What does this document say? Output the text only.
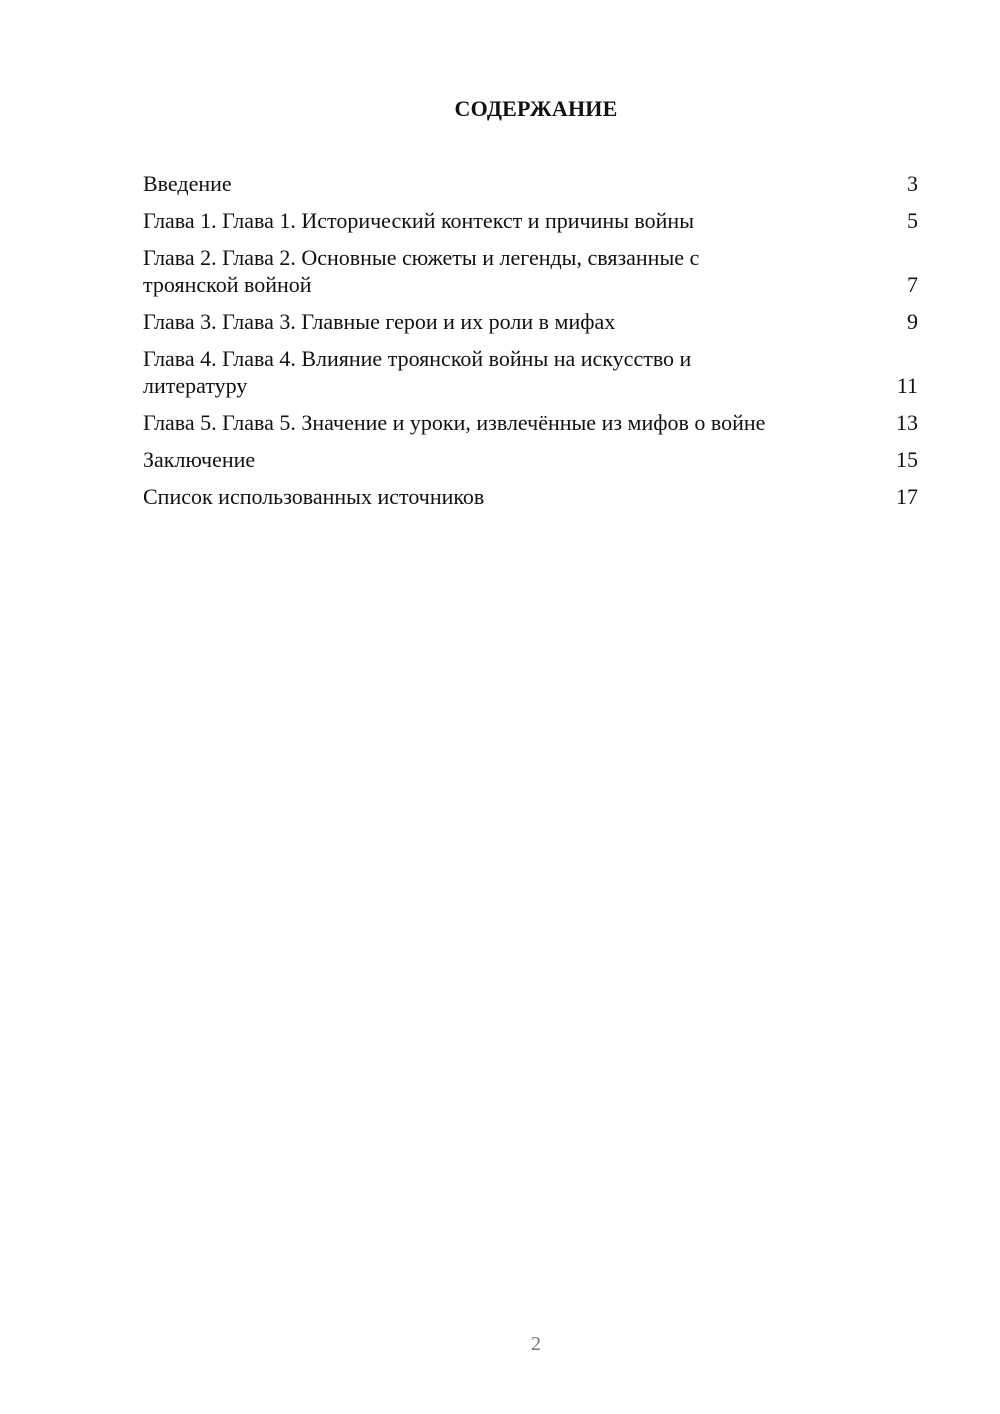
СОДЕРЖАНИЕ
Введение	3
Глава 1. Глава 1. Исторический контекст и причины войны	5
Глава 2. Глава 2. Основные сюжеты и легенды, связанные с троянской войной	7
Глава 3. Глава 3. Главные герои и их роли в мифах	9
Глава 4. Глава 4. Влияние троянской войны на искусство и литературу	11
Глава 5. Глава 5. Значение и уроки, извлечённые из мифов о войне	13
Заключение	15
Список использованных источников	17
2
